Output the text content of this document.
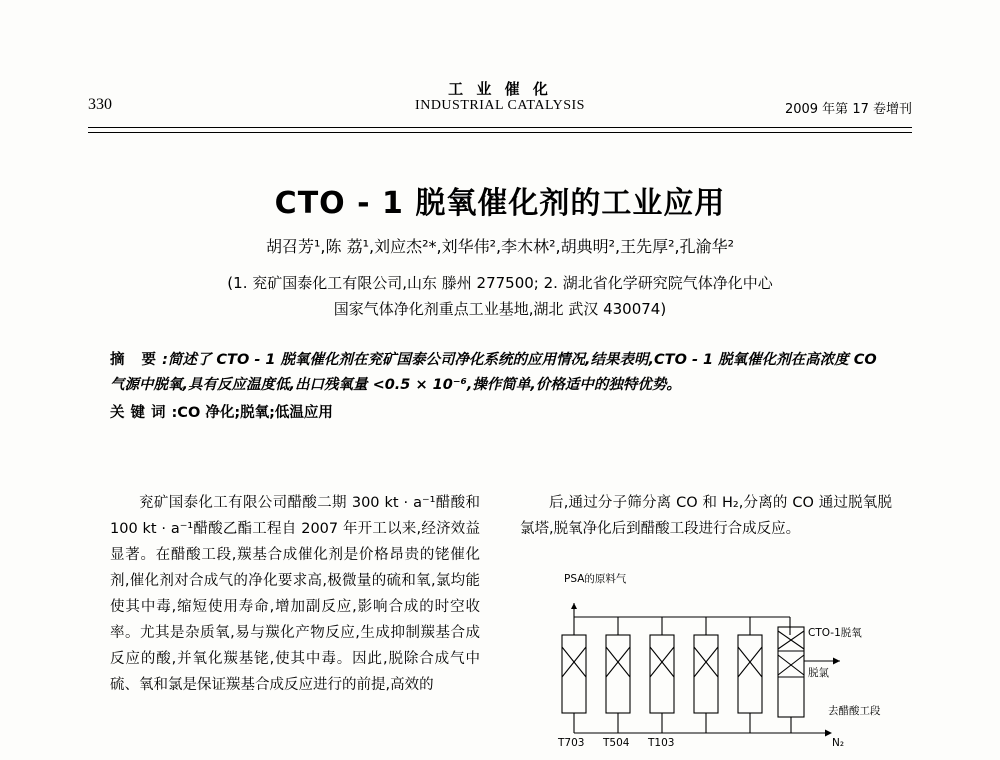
330
工 业 催 化
INDUSTRIAL CATALYSIS	2009 年第 17 卷增刊
CTO - 1 脱氧催化剂的工业应用
胡召芳¹,陈 荔¹,刘应杰²*,刘华伟²,李木林²,胡典明²,王先厚²,孔渝华²
(1. 兖矿国泰化工有限公司,山东 滕州 277500; 2. 湖北省化学研究院气体净化中心
国家气体净化剂重点工业基地,湖北 武汉 430074)

摘 要:简述了 CTO - 1 脱氧催化剂在兖矿国泰公司净化系统的应用情况,结果表明,CTO - 1 脱氧催化剂在高浓度 CO 气源中脱氧,具有反应温度低,出口残氧量 <0.5 × 10⁻⁶,操作简单,价格适中的独特优势。

关键词:CO 净化;脱氧;低温应用

兖矿国泰化工有限公司醋酸二期 300 kt · a⁻¹醋酸和100 kt · a⁻¹醋酸乙酯工程自 2007 年开工以来,经济效益显著。在醋酸工段,羰基合成催化剂是价格昂贵的铑催化剂,催化剂对合成气的净化要求高,极微量的硫和氧,氯均能使其中毒,缩短使用寿命,增加副反应,影响合成的时空收率。尤其是杂质氧,易与羰化产物反应,生成抑制羰基合成反应的酸,并氧化羰基铑,使其中毒。因此,脱除合成气中硫、氧和氯是保证羰基合成反应进行的前提,高效的

后,通过分子筛分离 CO 和 H₂,分离的 CO 通过脱氧脱氯塔,脱氧净化后到醋酸工段进行合成反应。

PSA的原料气
CTO-1脱氧
脱氯
去醋酸工段
N₂
T703 T504 T103
